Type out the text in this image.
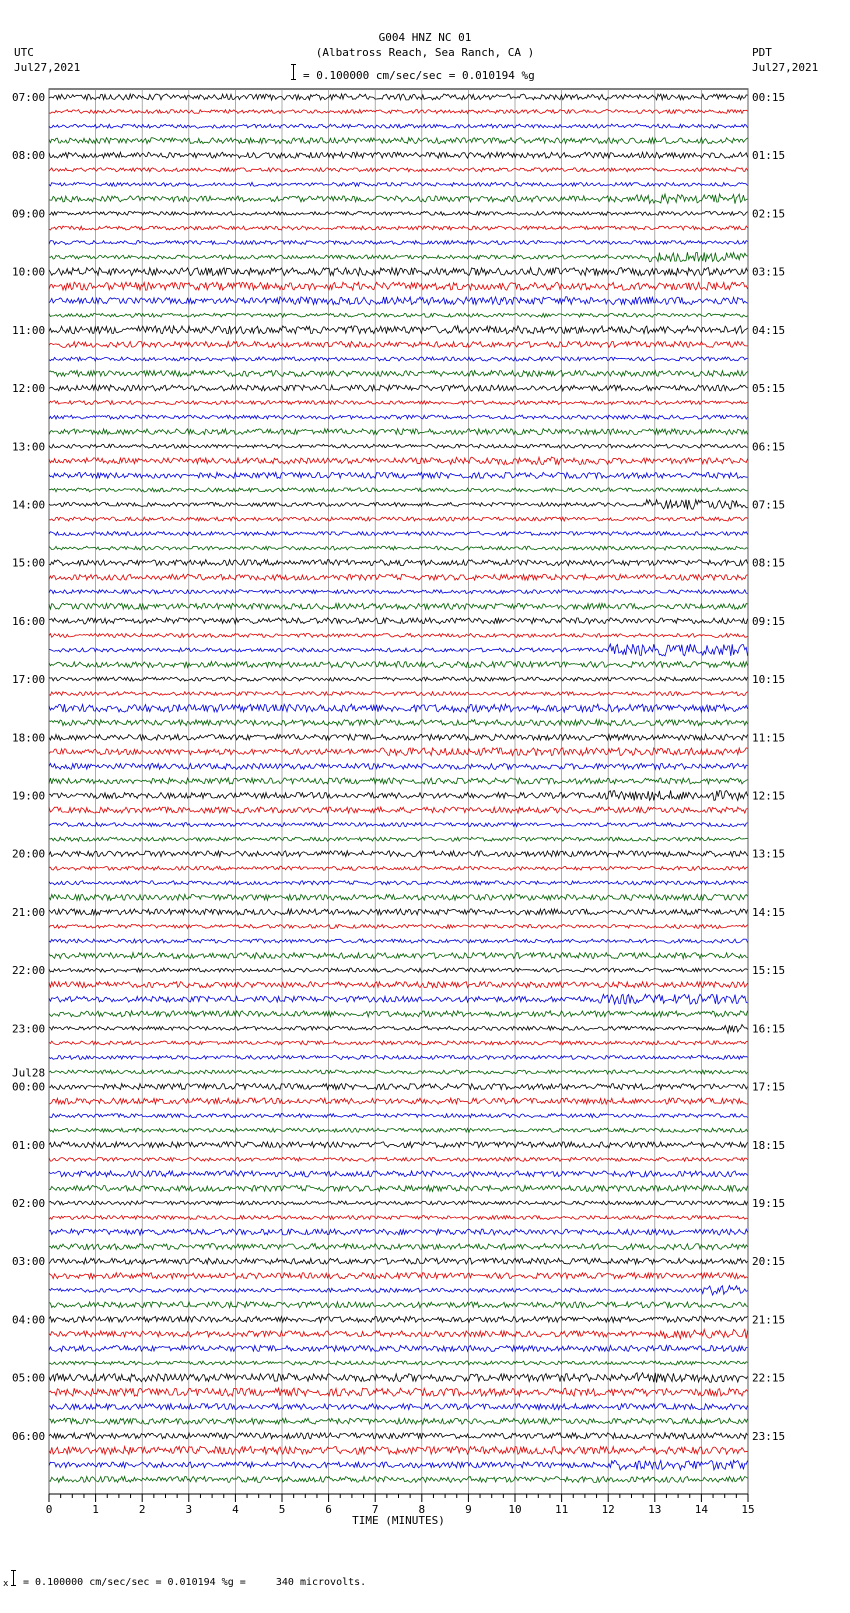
G004 HNZ NC 01
(Albatross Reach, Sea Ranch, CA )
= 0.100000 cm/sec/sec = 0.010194 %g
UTC
Jul27,2021
PDT
Jul27,2021
07:00	00:15
08:00	01:15
09:00	02:15
10:00	03:15
11:00	04:15
12:00	05:15
13:00	06:15
14:00	07:15
15:00	08:15
16:00	09:15
17:00	10:15
18:00	11:15
19:00	12:15
20:00	13:15
21:00	14:15
22:00	15:15
23:00	16:15
00:00	17:15
01:00	18:15
02:00	19:15
03:00	20:15
04:00	21:15
05:00	22:15
06:00	23:15
Jul28
0	1	2	3	4	5	6	7	8	9	10	11	12	13	14	15
TIME (MINUTES)
x = 0.100000 cm/sec/sec = 0.010194 %g =     340 microvolts.
